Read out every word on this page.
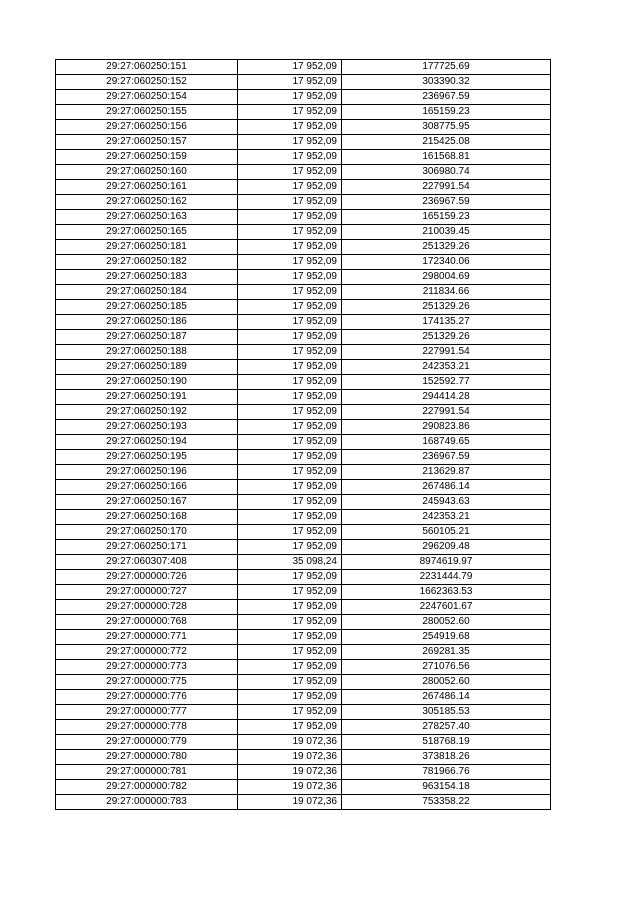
29:27:060250:151	17 952,09	177725.69
29:27:060250:152	17 952,09	303390.32
29:27:060250:154	17 952,09	236967.59
29:27:060250:155	17 952,09	165159.23
29:27:060250:156	17 952,09	308775.95
29:27:060250:157	17 952,09	215425.08
29:27:060250:159	17 952,09	161568.81
29:27:060250:160	17 952,09	306980.74
29:27:060250:161	17 952,09	227991.54
29:27:060250:162	17 952,09	236967.59
29:27:060250:163	17 952,09	165159.23
29:27:060250:165	17 952,09	210039.45
29:27:060250:181	17 952,09	251329.26
29:27:060250:182	17 952,09	172340.06
29:27:060250:183	17 952,09	298004.69
29:27:060250:184	17 952,09	211834.66
29:27:060250:185	17 952,09	251329.26
29:27:060250:186	17 952,09	174135.27
29:27:060250:187	17 952,09	251329.26
29:27:060250:188	17 952,09	227991.54
29:27:060250:189	17 952,09	242353.21
29:27:060250:190	17 952,09	152592.77
29:27:060250:191	17 952,09	294414.28
29:27:060250:192	17 952,09	227991.54
29:27:060250:193	17 952,09	290823.86
29:27:060250:194	17 952,09	168749.65
29:27:060250:195	17 952,09	236967.59
29:27:060250:196	17 952,09	213629.87
29:27:060250:166	17 952,09	267486.14
29:27:060250:167	17 952,09	245943.63
29:27:060250:168	17 952,09	242353.21
29:27:060250:170	17 952,09	560105.21
29:27:060250:171	17 952,09	296209.48
29:27:060307:408	35 098,24	8974619.97
29:27:000000:726	17 952,09	2231444.79
29:27:000000:727	17 952,09	1662363.53
29:27:000000:728	17 952,09	2247601.67
29:27:000000:768	17 952,09	280052.60
29:27:000000:771	17 952,09	254919.68
29:27:000000:772	17 952,09	269281.35
29:27:000000:773	17 952,09	271076.56
29:27:000000:775	17 952,09	280052.60
29:27:000000:776	17 952,09	267486.14
29:27:000000:777	17 952,09	305185.53
29:27:000000:778	17 952,09	278257.40
29:27:000000:779	19 072,36	518768.19
29:27:000000:780	19 072,36	373818.26
29:27:000000:781	19 072,36	781966.76
29:27:000000:782	19 072,36	963154.18
29:27:000000:783	19 072,36	753358.22
